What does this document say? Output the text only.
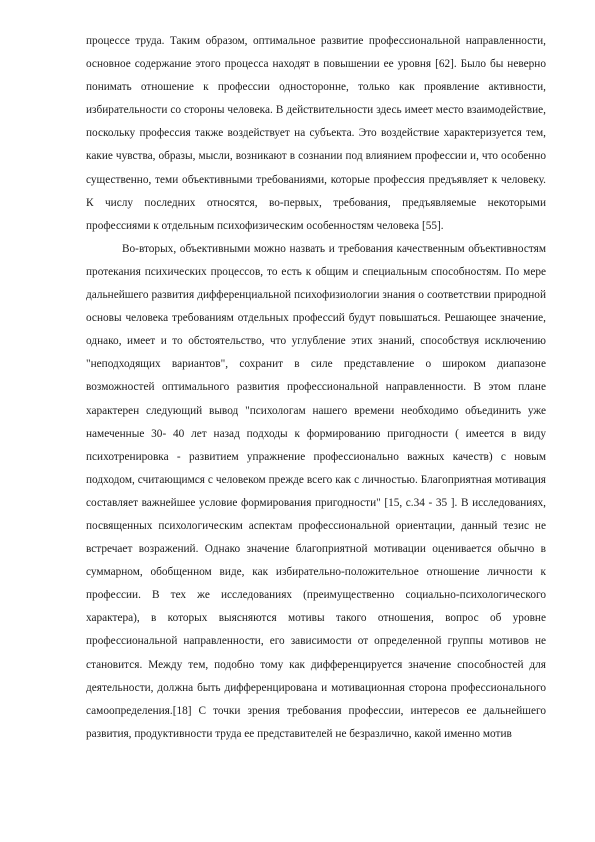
процессе труда. Таким образом, оптимальное развитие профессиональной направленности, основное содержание этого процесса находят в повышении ее уровня [62]. Было бы неверно понимать отношение к профессии односторонне, только как проявление активности, избирательности со стороны человека. В действительности здесь имеет место взаимодействие, поскольку профессия также воздействует на субъекта. Это воздействие характеризуется тем, какие чувства, образы, мысли, возникают в сознании под влиянием профессии и, что особенно существенно, теми объективными требованиями, которые профессия предъявляет к человеку. К числу последних относятся, во-первых, требования, предъявляемые некоторыми профессиями к отдельным психофизическим особенностям человека [55].

Во-вторых, объективными можно назвать и требования качественным объективностям протекания психических процессов, то есть к общим и специальным способностям. По мере дальнейшего развития дифференциальной психофизиологии знания о соответствии природной основы человека требованиям отдельных профессий будут повышаться. Решающее значение, однако, имеет и то обстоятельство, что углубление этих знаний, способствуя исключению "неподходящих вариантов", сохранит в силе представление о широком диапазоне возможностей оптимального развития профессиональной направленности. В этом плане характерен следующий вывод "психологам нашего времени необходимо объединить уже намеченные 30- 40 лет назад подходы к формированию пригодности ( имеется в виду психотренировка - развитием упражнение профессионально важных качеств) с новым подходом, считающимся с человеком прежде всего как с личностью. Благоприятная мотивация составляет важнейшее условие формирования пригодности" [15, с.34 - 35 ]. В исследованиях, посвященных психологическим аспектам профессиональной ориентации, данный тезис не встречает возражений. Однако значение благоприятной мотивации оценивается обычно в суммарном, обобщенном виде, как избирательно-положительное отношение личности к профессии. В тех же исследованиях (преимущественно социально-психологического характера), в которых выясняются мотивы такого отношения, вопрос об уровне профессиональной направленности, его зависимости от определенной группы мотивов не становится. Между тем, подобно тому как дифференцируется значение способностей для деятельности, должна быть дифференцирована и мотивационная сторона профессионального самоопределения.[18] С точки зрения требования профессии, интересов ее дальнейшего развития, продуктивности труда ее представителей не безразлично, какой именно мотив
